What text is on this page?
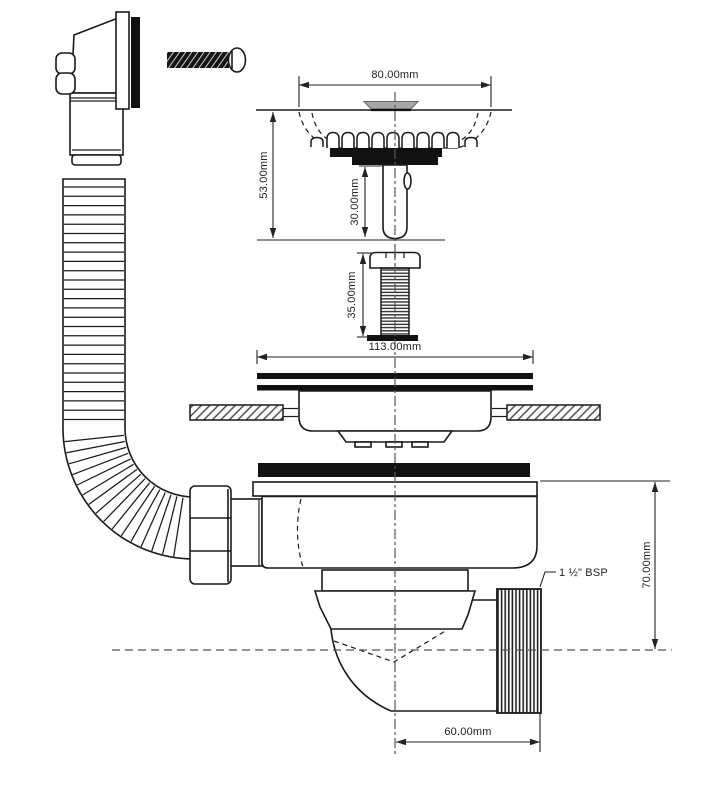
80.00mm
53.00mm
30.00mm
35.00mm
113.00mm
70.00mm
60.00mm
1 ½" BSP
